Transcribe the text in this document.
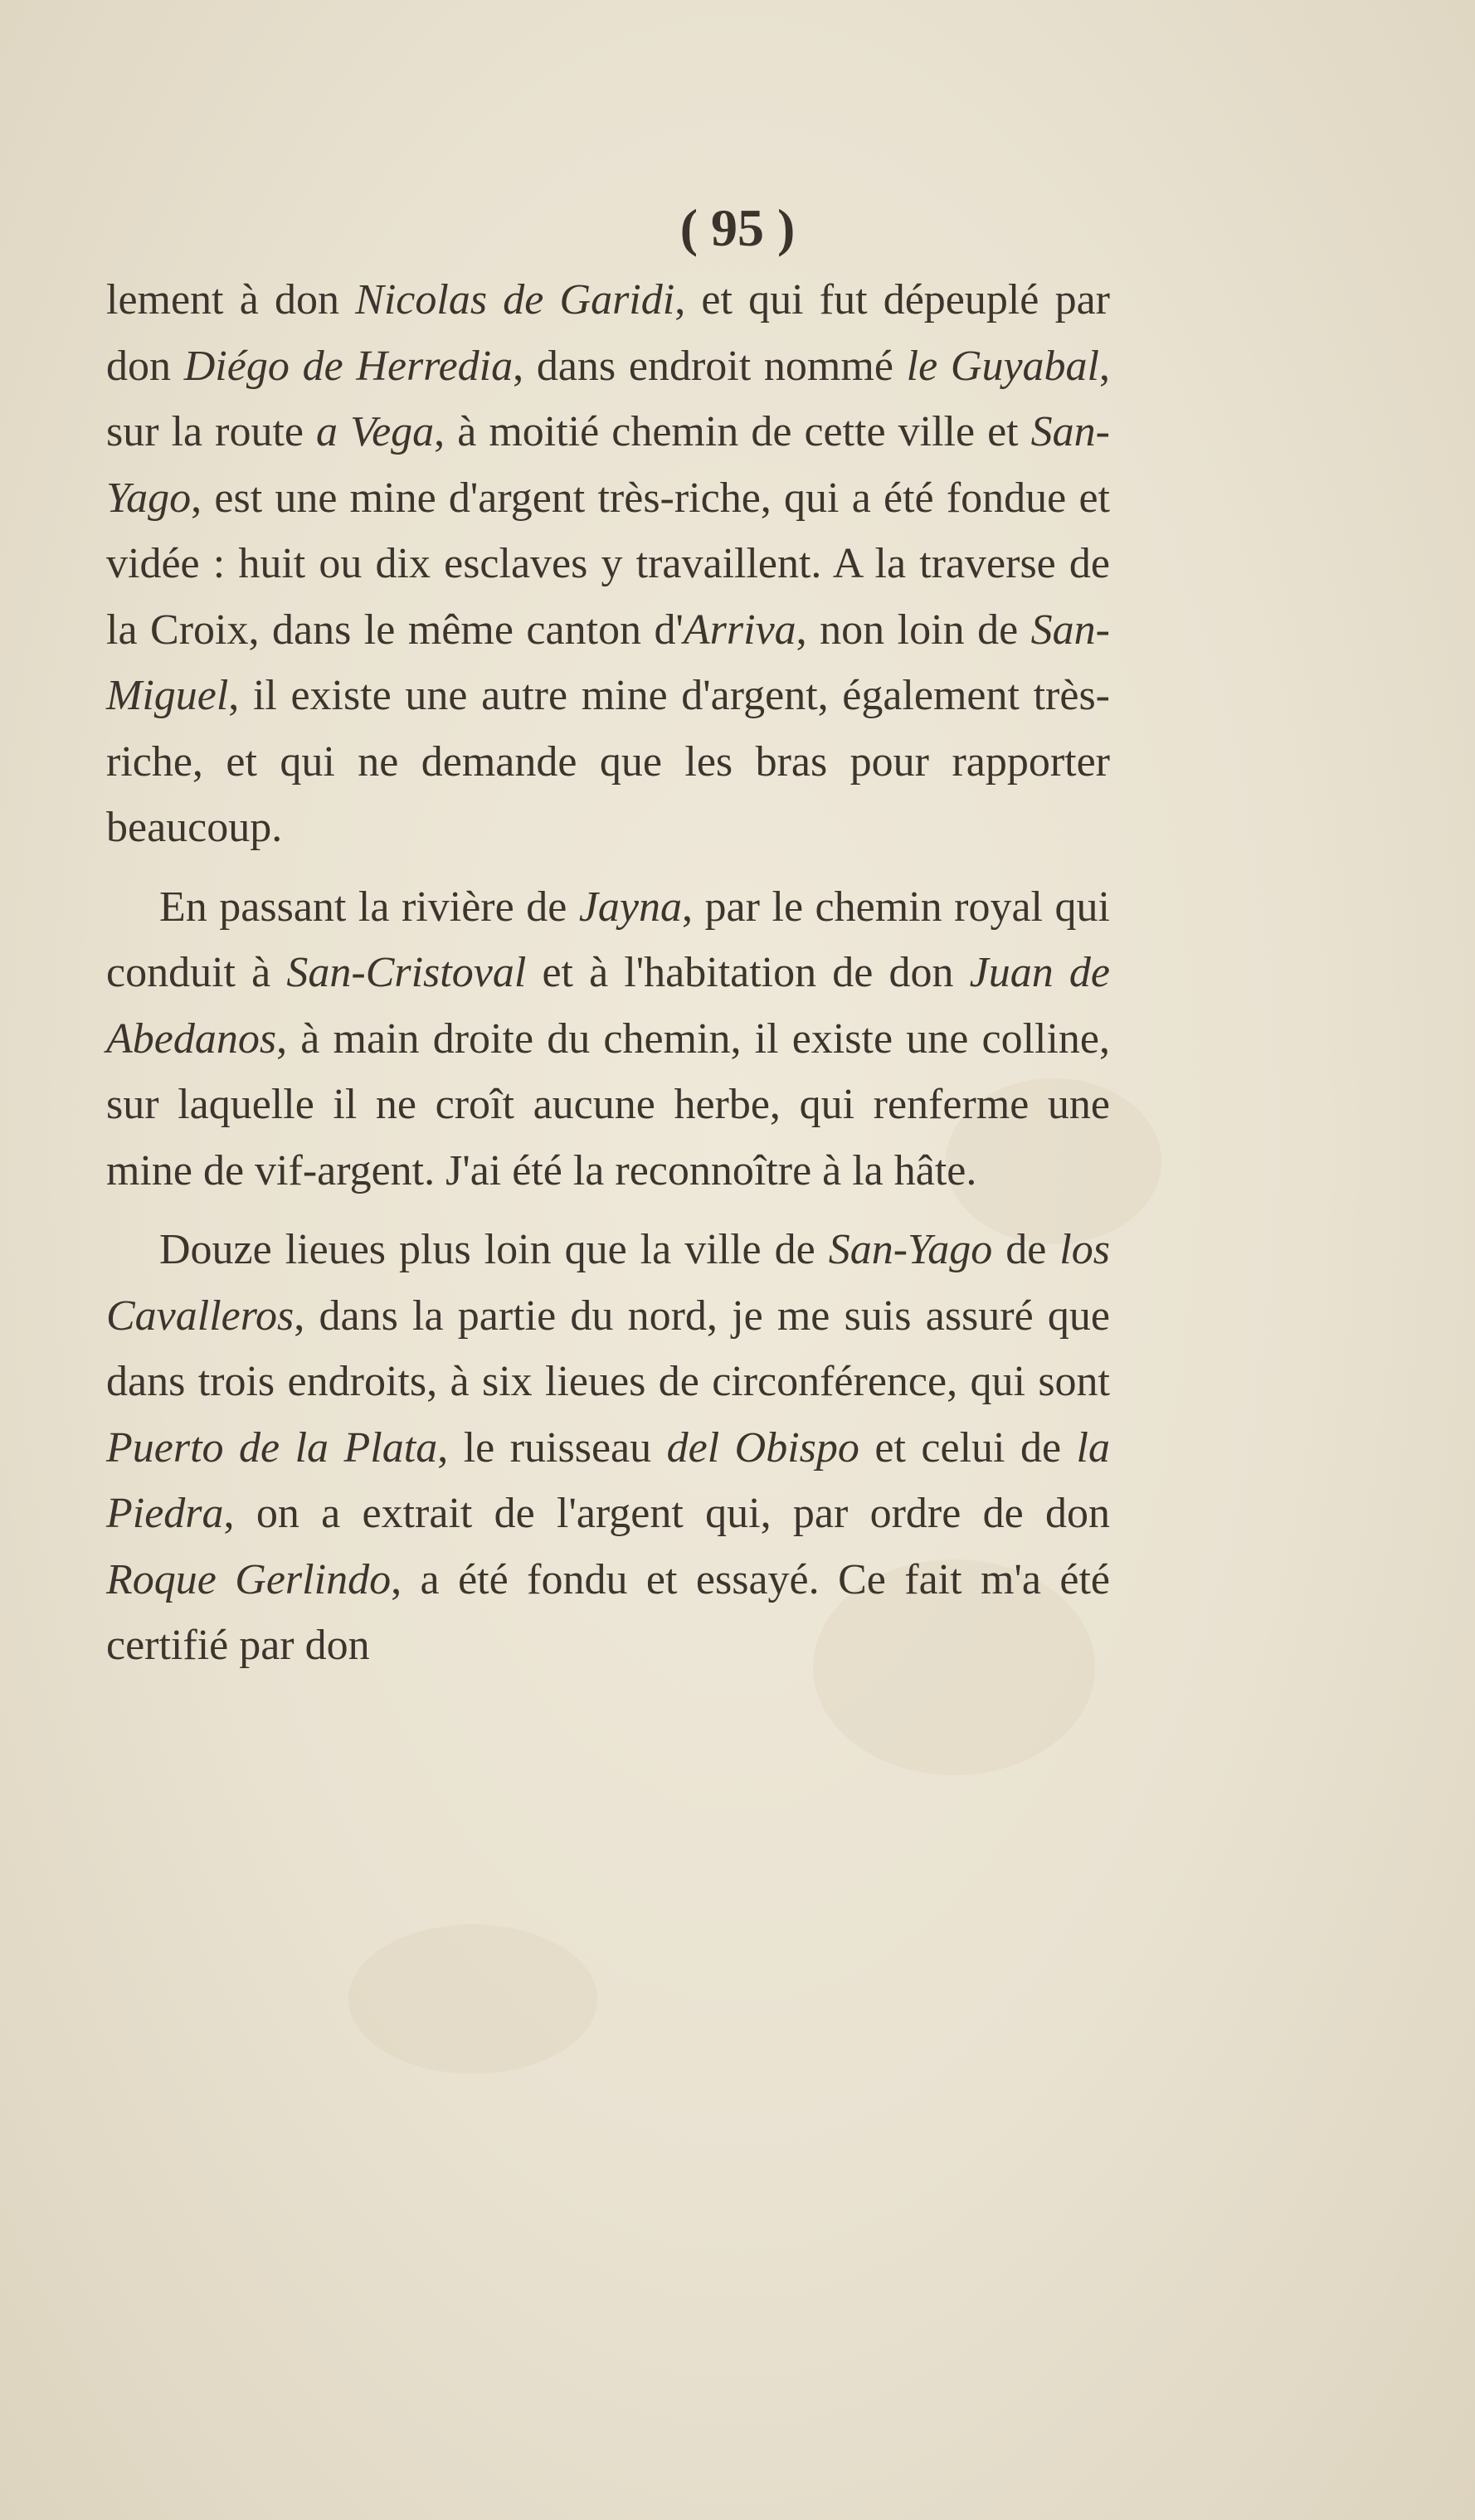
( 95 )

lement à don Nicolas de Garidi, et qui fut dépeuplé par don Diégo de Herredia, dans endroit nommé le Guyabal, sur la route a Vega, à moitié chemin de cette ville et San-Yago, est une mine d'argent très-riche, qui a été fondue et vidée : huit ou dix esclaves y travaillent. A la traverse de la Croix, dans le même canton d'Arriva, non loin de San-Miguel, il existe une autre mine d'argent, également très-riche, et qui ne demande que les bras pour rapporter beaucoup.

En passant la rivière de Jayna, par le chemin royal qui conduit à San-Cristoval et à l'habitation de don Juan de Abedanos, à main droite du chemin, il existe une colline, sur laquelle il ne croît aucune herbe, qui renferme une mine de vif-argent. J'ai été la reconnoître à la hâte.

Douze lieues plus loin que la ville de San-Yago de los Cavalleros, dans la partie du nord, je me suis assuré que dans trois endroits, à six lieues de circonférence, qui sont Puerto de la Plata, le ruisseau del Obispo et celui de la Piedra, on a extrait de l'argent qui, par ordre de don Roque Gerlindo, a été fondu et essayé. Ce fait m'a été certifié par don
